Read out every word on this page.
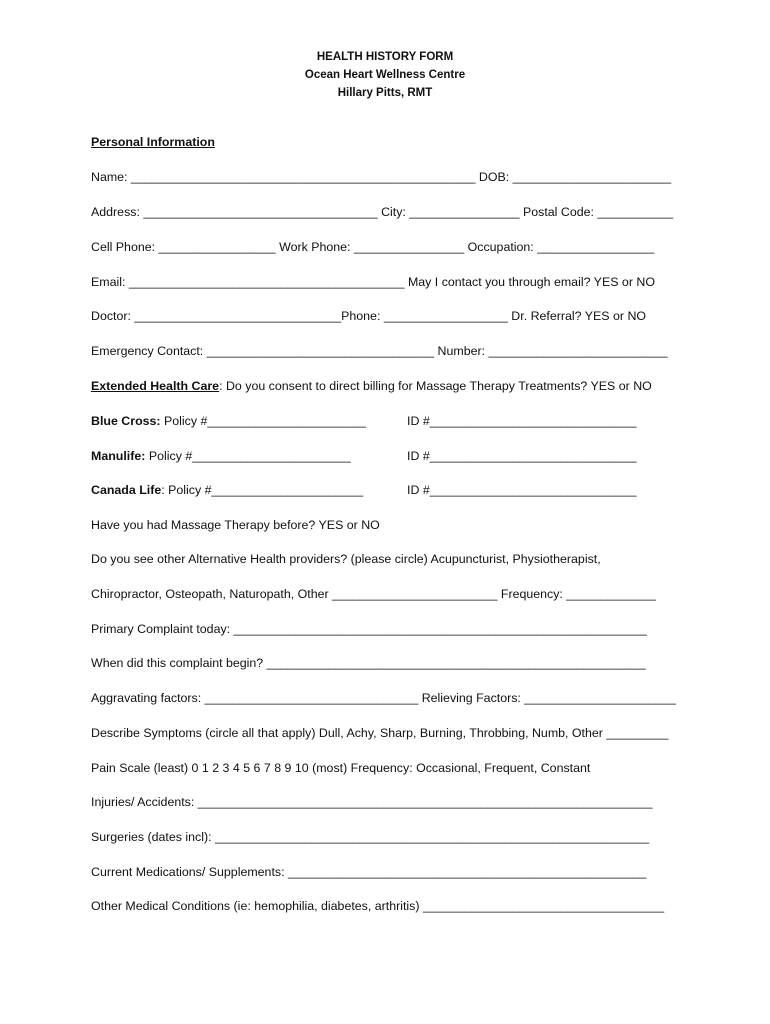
HEALTH HISTORY FORM
Ocean Heart Wellness Centre
Hillary Pitts, RMT
Personal Information
Name: __________________________________________________ DOB: _______________________
Address: __________________________________ City: ________________ Postal Code: ___________
Cell Phone: _________________ Work Phone: ________________ Occupation: _________________
Email: ________________________________________ May I contact you through email? YES or NO
Doctor: ______________________________Phone: __________________ Dr. Referral? YES or NO
Emergency Contact: _________________________________ Number: __________________________
Extended Health Care: Do you consent to direct billing for Massage Therapy Treatments? YES or NO
Blue Cross: Policy #_______________________	ID #______________________________
Manulife: Policy #_______________________	ID #______________________________
Canada Life: Policy #______________________	ID #______________________________
Have you had Massage Therapy before? YES or NO
Do you see other Alternative Health providers? (please circle) Acupuncturist, Physiotherapist,
Chiropractor, Osteopath, Naturopath, Other ________________________ Frequency: _____________
Primary Complaint today: ____________________________________________________________
When did this complaint begin? _______________________________________________________
Aggravating factors: _______________________________ Relieving Factors: ______________________
Describe Symptoms (circle all that apply) Dull, Achy, Sharp, Burning, Throbbing, Numb, Other _________
Pain Scale (least) 0 1 2 3 4 5 6 7 8 9 10 (most) Frequency: Occasional, Frequent, Constant
Injuries/ Accidents: __________________________________________________________________
Surgeries (dates incl): _______________________________________________________________
Current Medications/ Supplements: ____________________________________________________
Other Medical Conditions (ie: hemophilia, diabetes, arthritis) ___________________________________
